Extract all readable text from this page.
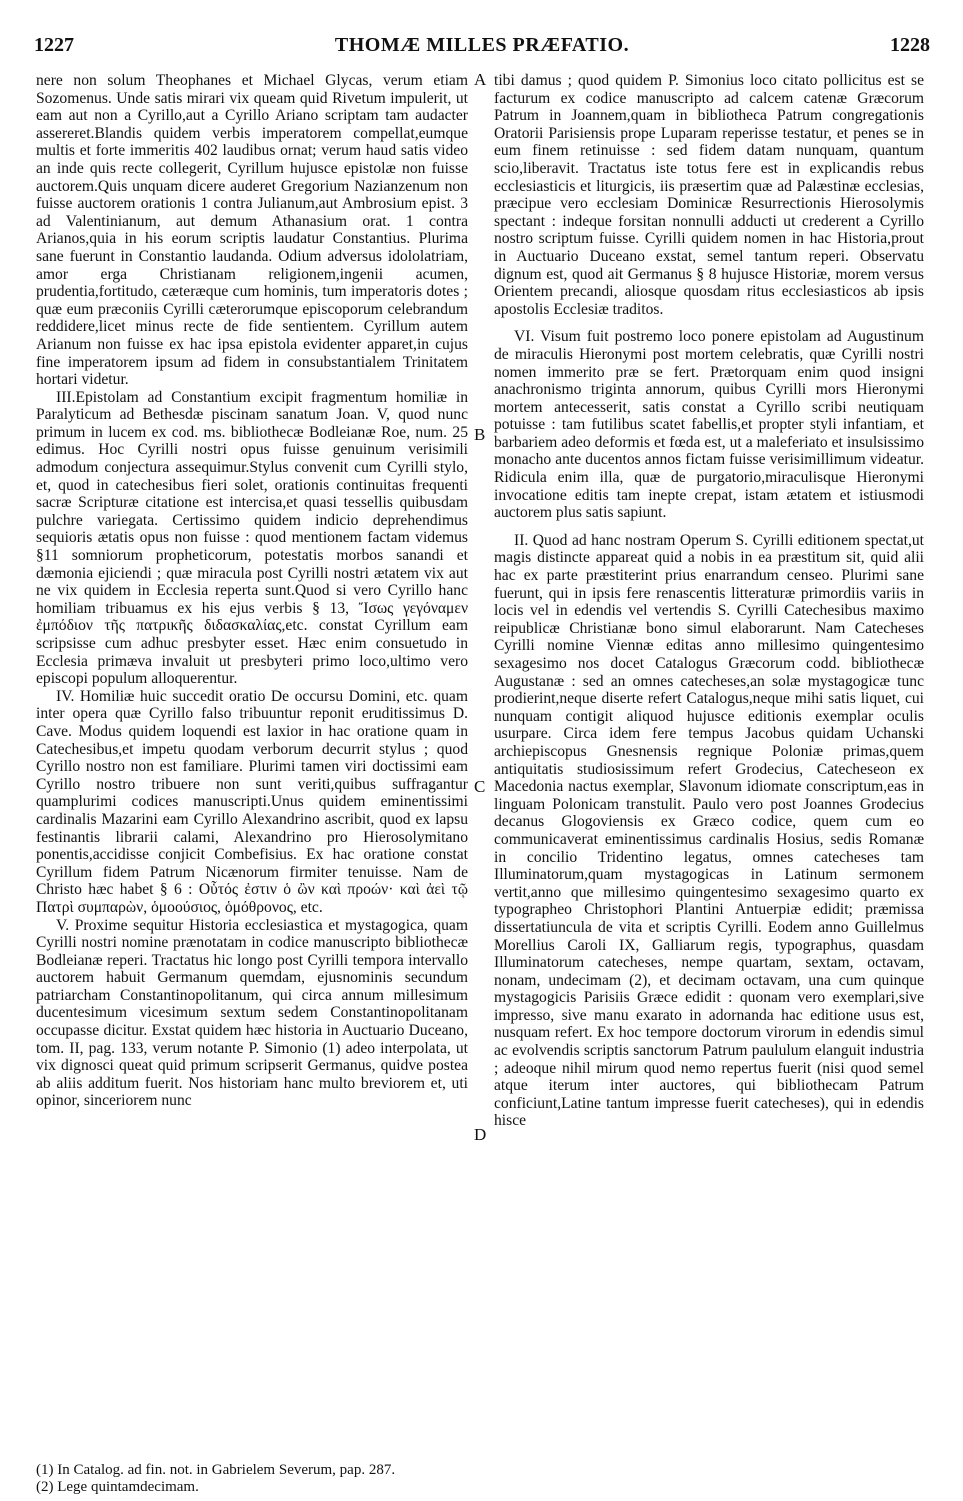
1227	THOMÆ MILLES PRÆFATIO.	1228
A
B
C
D

nere non solum Theophanes et Michael Glycas, verum etiam Sozomenus. Unde satis mirari vix queam quid Rivetum impulerit, ut eam aut non a Cyrillo,aut a Cyrillo Ariano scriptam tam audacter assereret.Blandis quidem verbis imperatorem compellat,eumque multis et forte immeritis 402 laudibus ornat; verum haud satis video an inde quis recte collegerit, Cyrillum hujusce epistolæ non fuisse auctorem.Quis unquam dicere auderet Gregorium Nazianzenum non fuisse auctorem orationis 1 contra Julianum,aut Ambrosium epist. 3 ad Valentinianum, aut demum Athanasium orat. 1 contra Arianos,quia in his eorum scriptis laudatur Constantius. Plurima sane fuerunt in Constantio laudanda. Odium adversus idololatriam, amor erga Christianam religionem,ingenii acumen, prudentia,fortitudo, cæteræque cum hominis, tum imperatoris dotes ; quæ eum præconiis Cyrilli cæterorumque episcoporum celebrandum reddidere,licet minus recte de fide sentientem. Cyrillum autem Arianum non fuisse ex hac ipsa epistola evidenter apparet,in cujus fine imperatorem ipsum ad fidem in consubstantialem Trinitatem hortari videtur.

III.Epistolam ad Constantium excipit fragmentum homiliæ in Paralyticum ad Bethesdæ piscinam sanatum Joan. V, quod nunc primum in lucem ex cod. ms. bibliothecæ Bodleianæ Roe, num. 25 edimus. Hoc Cyrilli nostri opus fuisse genuinum verisimili admodum conjectura assequimur.Stylus convenit cum Cyrilli stylo, et, quod in catechesibus fieri solet, orationis continuitas frequenti sacræ Scripturæ citatione est intercisa,et quasi tessellis quibusdam pulchre variegata. Certissimo quidem indicio deprehendimus sequioris ætatis opus non fuisse : quod mentionem factam videmus §11 somniorum propheticorum, potestatis morbos sanandi et dæmonia ejiciendi ; quæ miracula post Cyrilli nostri ætatem vix aut ne vix quidem in Ecclesia reperta sunt.Quod si vero Cyrillo hanc homiliam tribuamus ex his ejus verbis § 13, Ἴσως γεγόναμεν ἐμπόδιον τῆς πατρικῆς διδασκαλίας,etc. constat Cyrillum eam scripsisse cum adhuc presbyter esset. Hæc enim consuetudo in Ecclesia primæva invaluit ut presbyteri primo loco,ultimo vero episcopi populum alloquerentur.

IV. Homiliæ huic succedit oratio De occursu Domini, etc. quam inter opera quæ Cyrillo falso tribuuntur reponit eruditissimus D. Cave. Modus quidem loquendi est laxior in hac oratione quam in Catechesibus,et impetu quodam verborum decurrit stylus ; quod Cyrillo nostro non est familiare. Plurimi tamen viri doctissimi eam Cyrillo nostro tribuere non sunt veriti,quibus suffragantur quamplurimi codices manuscripti.Unus quidem eminentissimi cardinalis Mazarini eam Cyrillo Alexandrino ascribit, quod ex lapsu festinantis librarii calami, Alexandrino pro Hierosolymitano ponentis,accidisse conjicit Combefisius. Ex hac oratione constat Cyrillum fidem Patrum Nicænorum firmiter tenuisse. Nam de Christo hæc habet § 6 : Οὗτός ἐστιν ὁ ὢν καὶ προών· καὶ ἀεὶ τῷ Πατρὶ συμπαρὼν, ὁμοούσιος, ὁμόθρονος, etc.

V. Proxime sequitur Historia ecclesiastica et mystagogica, quam Cyrilli nostri nomine prænotatam in codice manuscripto bibliothecæ Bodleianæ reperi. Tractatus hic longo post Cyrilli tempora intervallo auctorem habuit Germanum quemdam, ejusnominis secundum patriarcham Constantinopolitanum, qui circa annum millesimum ducentesimum vicesimum sextum sedem Constantinopolitanam occupasse dicitur. Exstat quidem hæc historia in Auctuario Duceano, tom. II, pag. 133, verum notante P. Simonio (1) adeo interpolata, ut vix dignosci queat quid primum scripserit Germanus, quidve postea ab aliis additum fuerit. Nos historiam hanc multo breviorem et, uti opinor, sinceriorem nunc

tibi damus ; quod quidem P. Simonius loco citato pollicitus est se facturum ex codice manuscripto ad calcem catenæ Græcorum Patrum in Joannem,quam in bibliotheca Patrum congregationis Oratorii Parisiensis prope Luparam reperisse testatur, et penes se in eum finem retinuisse : sed fidem datam nunquam, quantum scio,liberavit. Tractatus iste totus fere est in explicandis rebus ecclesiasticis et liturgicis, iis præsertim quæ ad Palæstinæ ecclesias, præcipue vero ecclesiam Dominicæ Resurrectionis Hierosolymis spectant : indeque forsitan nonnulli adducti ut crederent a Cyrillo nostro scriptum fuisse. Cyrilli quidem nomen in hac Historia,prout in Auctuario Duceano exstat, semel tantum reperi. Observatu dignum est, quod ait Germanus § 8 hujusce Historiæ, morem versus Orientem precandi, aliosque quosdam ritus ecclesiasticos ab ipsis apostolis Ecclesiæ traditos.

VI. Visum fuit postremo loco ponere epistolam ad Augustinum de miraculis Hieronymi post mortem celebratis, quæ Cyrilli nostri nomen immerito præ se fert. Prætorquam enim quod insigni anachronismo triginta annorum, quibus Cyrilli mors Hieronymi mortem antecesserit, satis constat a Cyrillo scribi neutiquam potuisse : tam futilibus scatet fabellis,et propter styli infantiam, et barbariem adeo deformis et fœda est, ut a maleferiato et insulsissimo monacho ante ducentos annos fictam fuisse verisimillimum videatur. Ridicula enim illa, quæ de purgatorio,miraculisque Hieronymi invocatione editis tam inepte crepat, istam ætatem et istiusmodi auctorem plus satis sapiunt.

II. Quod ad hanc nostram Operum S. Cyrilli editionem spectat,ut magis distincte appareat quid a nobis in ea præstitum sit, quid alii hac ex parte præstiterint prius enarrandum censeo. Plurimi sane fuerunt, qui in ipsis fere renascentis litteraturæ primordiis variis in locis vel in edendis vel vertendis S. Cyrilli Catechesibus maximo reipublicæ Christianæ bono simul elaborarunt. Nam Catecheses Cyrilli nomine Viennæ editas anno millesimo quingentesimo sexagesimo nos docet Catalogus Græcorum codd. bibliothecæ Augustanæ : sed an omnes catecheses,an solæ mystagogicæ tunc prodierint,neque diserte refert Catalogus,neque mihi satis liquet, cui nunquam contigit aliquod hujusce editionis exemplar oculis usurpare. Circa idem fere tempus Jacobus quidam Uchanski archiepiscopus Gnesnensis regnique Poloniæ primas,quem antiquitatis studiosissimum refert Grodecius, Catecheseon ex Macedonia nactus exemplar, Slavonum idiomate conscriptum,eas in linguam Polonicam transtulit. Paulo vero post Joannes Grodecius decanus Glogoviensis ex Græco codice, quem cum eo communicaverat eminentissimus cardinalis Hosius, sedis Romanæ in concilio Tridentino legatus, omnes catecheses tam Illuminatorum,quam mystagogicas in Latinum sermonem vertit,anno que millesimo quingentesimo sexagesimo quarto ex typographeo Christophori Plantini Antuerpiæ edidit; præmissa dissertatiuncula de vita et scriptis Cyrilli. Eodem anno Guillelmus Morellius Caroli IX, Galliarum regis, typographus, quasdam Illuminatorum catecheses, nempe quartam, sextam, octavam, nonam, undecimam (2), et decimam octavam, una cum quinque mystagogicis Parisiis Græce edidit : quonam vero exemplari,sive impresso, sive manu exarato in adornanda hac editione usus est, nusquam refert. Ex hoc tempore doctorum virorum in edendis simul ac evolvendis scriptis sanctorum Patrum paululum elanguit industria ; adeoque nihil mirum quod nemo repertus fuerit (nisi quod semel atque iterum inter auctores, qui bibliothecam Patrum conficiunt,Latine tantum impresse fuerit catecheses), qui in edendis hisce

(1) In Catalog. ad fin. not. in Gabrielem Severum, pap. 287.
(2) Lege quintamdecimam.
